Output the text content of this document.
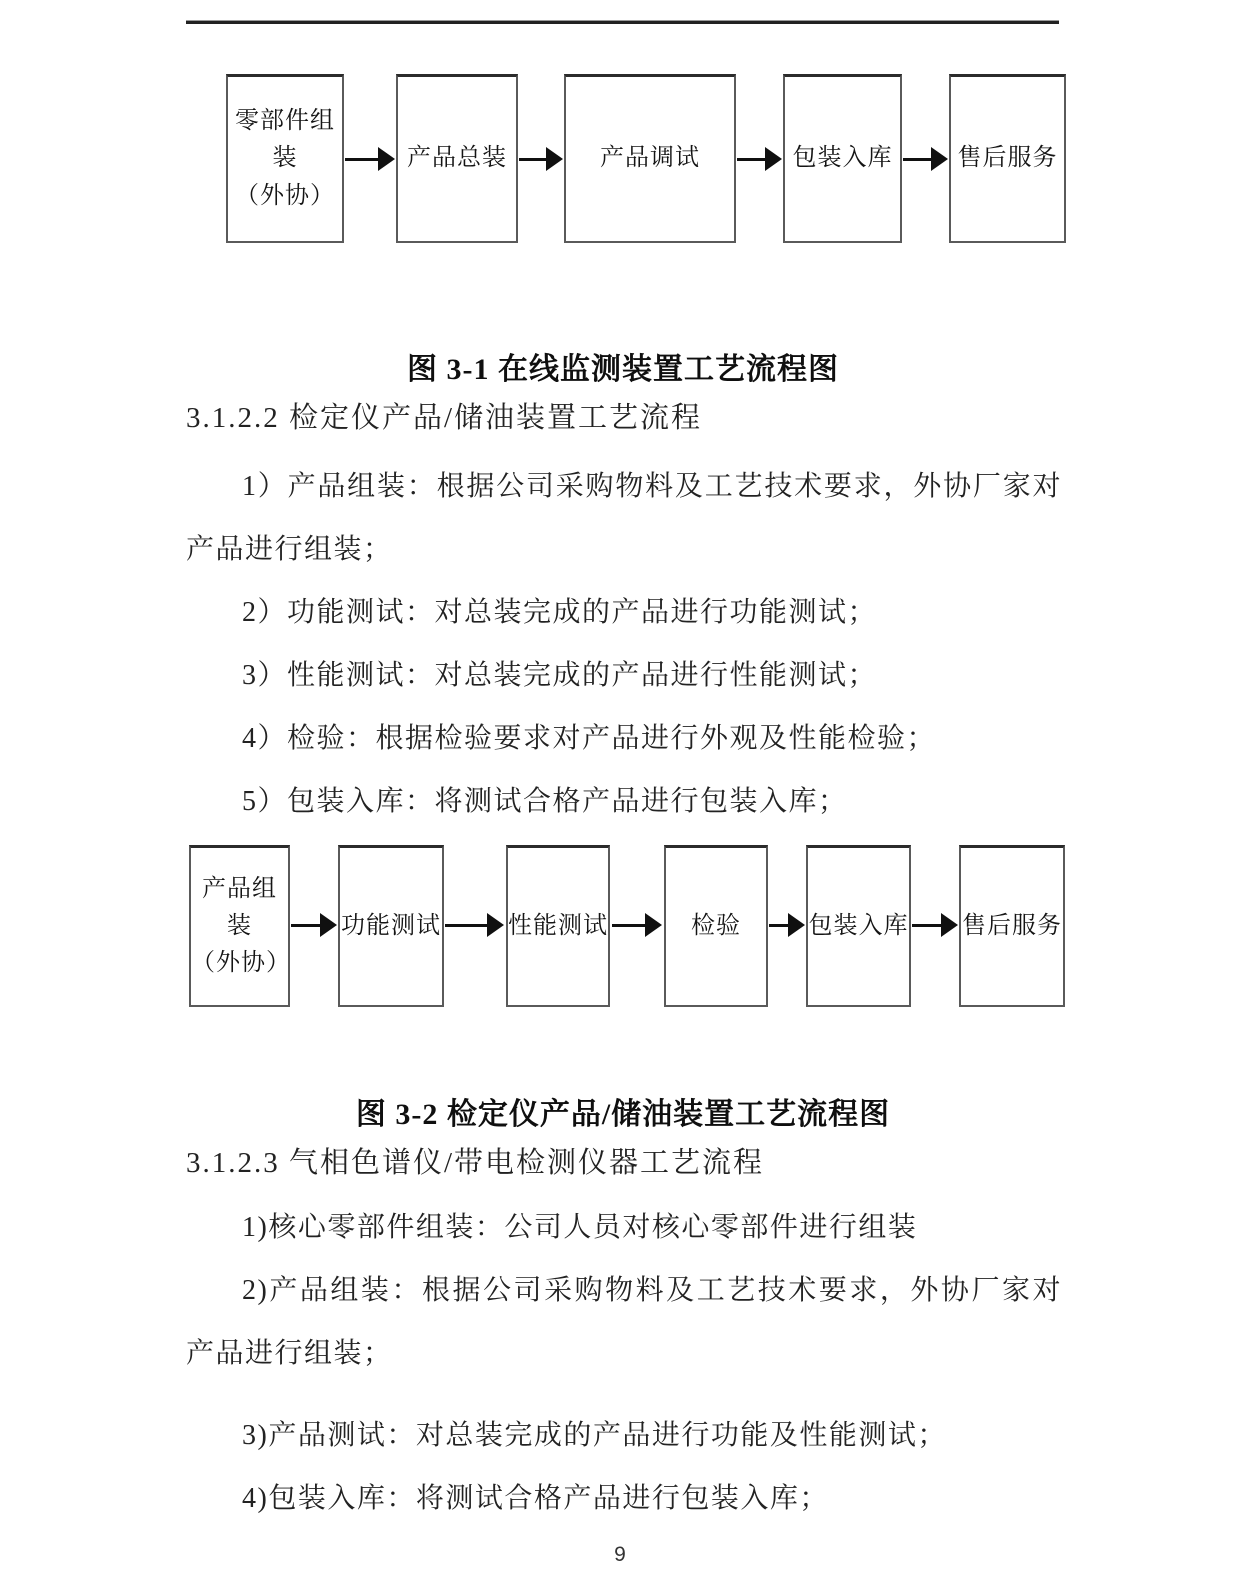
零部件组装
（外协）
产品总装	产品调试	包装入库	售后服务
图 3-1 在线监测装置工艺流程图
3.1.2.2 检定仪产品/储油装置工艺流程

1）产品组装：根据公司采购物料及工艺技术要求，外协厂家对产品进行组装；

2）功能测试：对总装完成的产品进行功能测试；

3）性能测试：对总装完成的产品进行性能测试；

4）检验：根据检验要求对产品进行外观及性能检验；

5）包装入库：将测试合格产品进行包装入库；

产品组装
（外协）
功能测试	性能测试	检验	包装入库 售后服务
图 3-2 检定仪产品/储油装置工艺流程图
3.1.2.3 气相色谱仪/带电检测仪器工艺流程

1)核心零部件组装：公司人员对核心零部件进行组装

2)产品组装：根据公司采购物料及工艺技术要求，外协厂家对产品进行组装；

3)产品测试：对总装完成的产品进行功能及性能测试；

4)包装入库：将测试合格产品进行包装入库；

9
